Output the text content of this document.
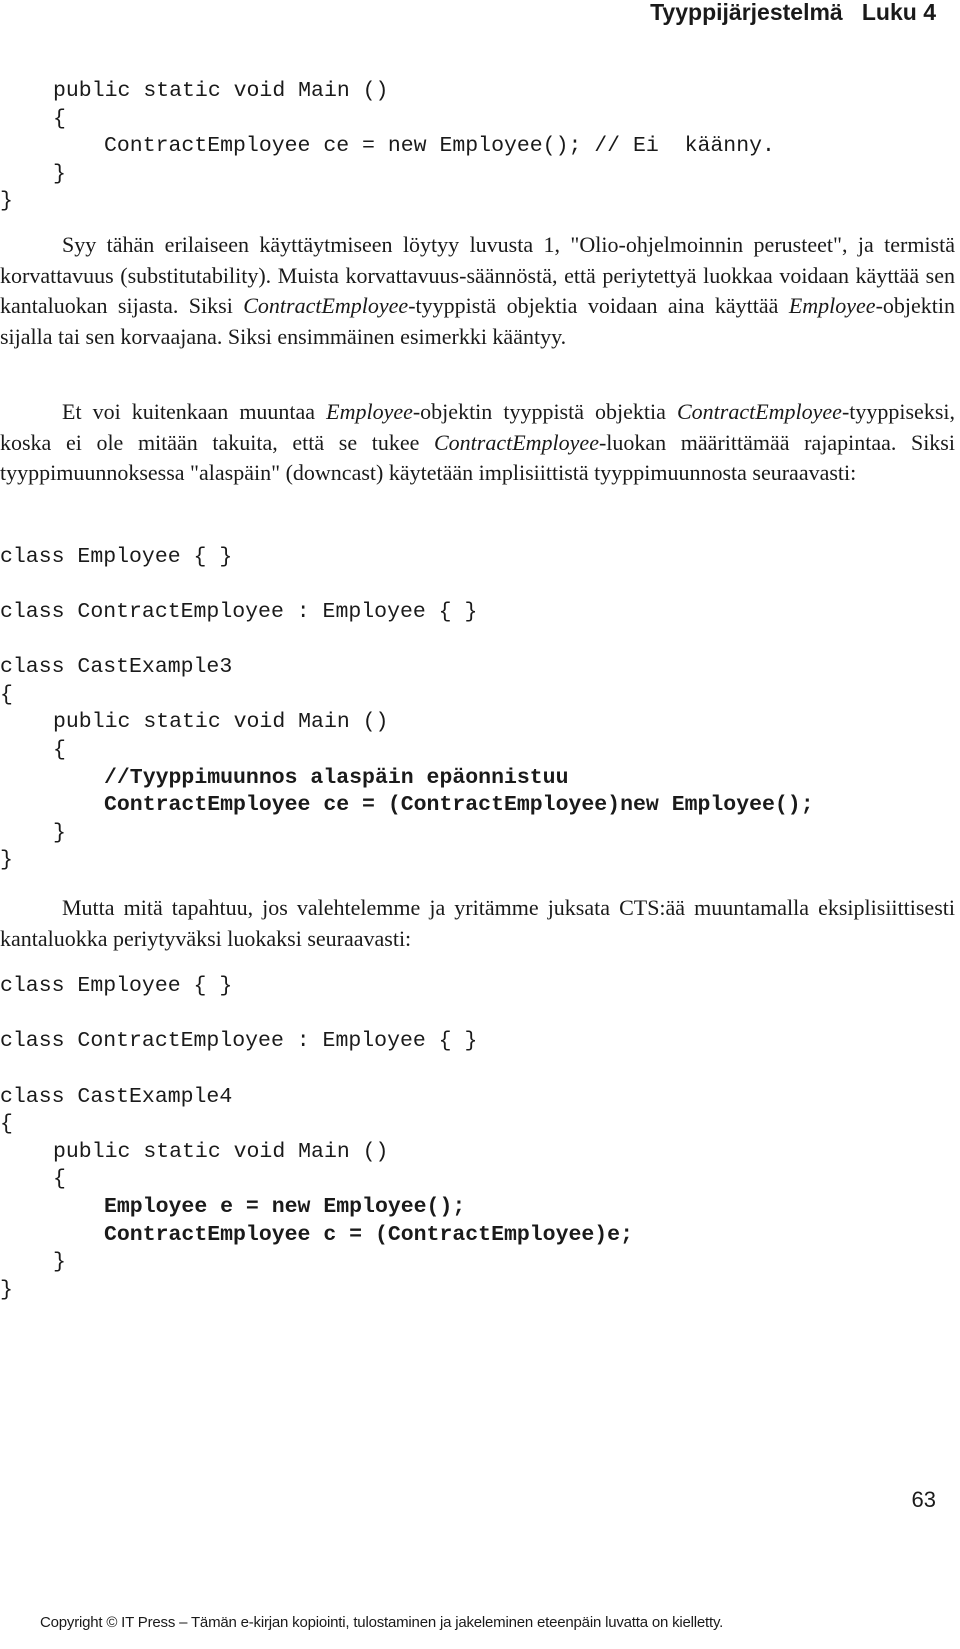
Tyyppijärjestelmä   Luku 4
public static void Main ()
{
ContractEmployee ce = new Employee(); // Ei  käänny.
}
}

Syy tähän erilaiseen käyttäytmiseen löytyy luvusta 1, "Olio-ohjelmoinnin perusteet", ja termistä korvattavuus (substitutability). Muista korvattavuus-säännöstä, että periytettyä luokkaa voidaan käyttää sen kantaluokan sijasta. Siksi ContractEmployee-tyyppistä objektia voidaan aina käyttää Employee-objektin sijalla tai sen korvaajana. Siksi ensimmäinen esimerkki kääntyy.

Et voi kuitenkaan muuntaa Employee-objektin tyyppistä objektia ContractEmployee-tyyppiseksi, koska ei ole mitään takuita, että se tukee ContractEmployee-luokan määrittämää rajapintaa. Siksi tyyppimuunnoksessa "alaspäin" (downcast) käytetään implisiittistä tyyppimuunnosta seuraavasti:

class Employee { }
class ContractEmployee : Employee { }
class CastExample3
{
public static void Main ()
{
//Tyyppimuunnos alaspäin epäonnistuu
ContractEmployee ce = (ContractEmployee)new Employee();
}
}

Mutta mitä tapahtuu, jos valehtelemme ja yritämme juksata CTS:ää muuntamalla eksiplisiittisesti kantaluokka periytyväksi luokaksi seuraavasti:

class Employee { }
class ContractEmployee : Employee { }
class CastExample4
{
public static void Main ()
{
Employee e = new Employee();
ContractEmployee c = (ContractEmployee)e;
}
}
63
Copyright © IT Press – Tämän e-kirjan kopiointi, tulostaminen ja jakeleminen eteenpäin luvatta on kielletty.
